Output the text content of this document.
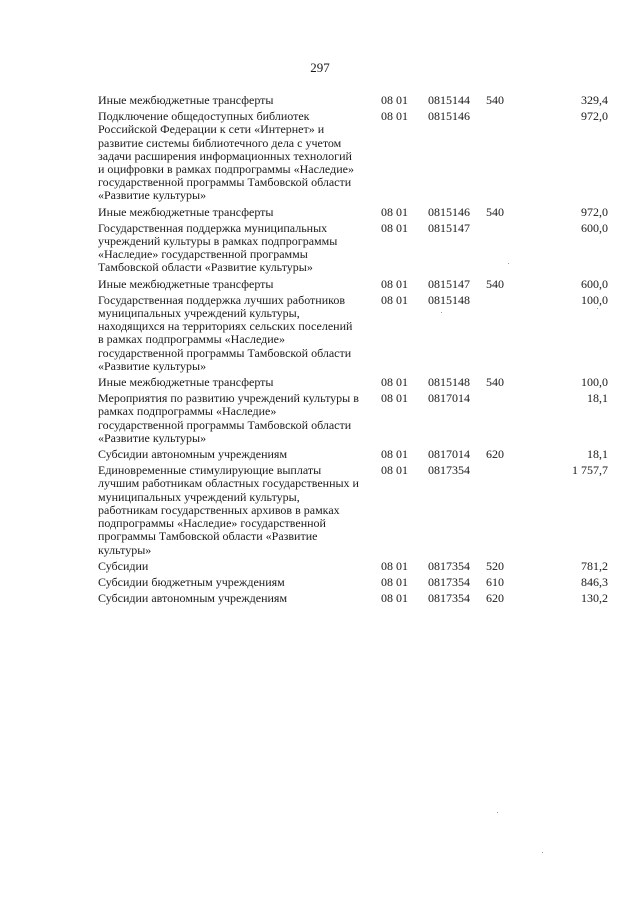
297
Иные межбюджетные трансферты	08 01	0815144	540	329,4
Подключение общедоступных библиотек Российской Федерации к сети «Интернет» и развитие системы библиотечного дела с учетом задачи расширения информационных технологий и оцифровки в рамках подпрограммы «Наследие» государственной программы Тамбовской области «Развитие культуры»	08 01	0815146		972,0
Иные межбюджетные трансферты	08 01	0815146	540	972,0
Государственная поддержка муниципальных учреждений культуры в рамках подпрограммы «Наследие» государственной программы Тамбовской области «Развитие культуры»	08 01	0815147		600,0
Иные межбюджетные трансферты	08 01	0815147	540	600,0
Государственная поддержка лучших работников муниципальных учреждений культуры, находящихся на территориях сельских поселений в рамках подпрограммы «Наследие» государственной программы Тамбовской области «Развитие культуры»	08 01	0815148		100,0
Иные межбюджетные трансферты	08 01	0815148	540	100,0
Мероприятия по развитию учреждений культуры в рамках подпрограммы «Наследие» государственной программы Тамбовской области «Развитие культуры»	08 01	0817014		18,1
Субсидии автономным учреждениям	08 01	0817014	620	18,1
Единовременные стимулирующие выплаты лучшим работникам областных государственных и муниципальных учреждений культуры, работникам государственных архивов в рамках подпрограммы «Наследие» государственной программы Тамбовской области «Развитие культуры»	08 01	0817354		1 757,7
Субсидии	08 01	0817354	520	781,2
Субсидии бюджетным учреждениям	08 01	0817354	610	846,3
Субсидии автономным учреждениям	08 01	0817354	620	130,2
